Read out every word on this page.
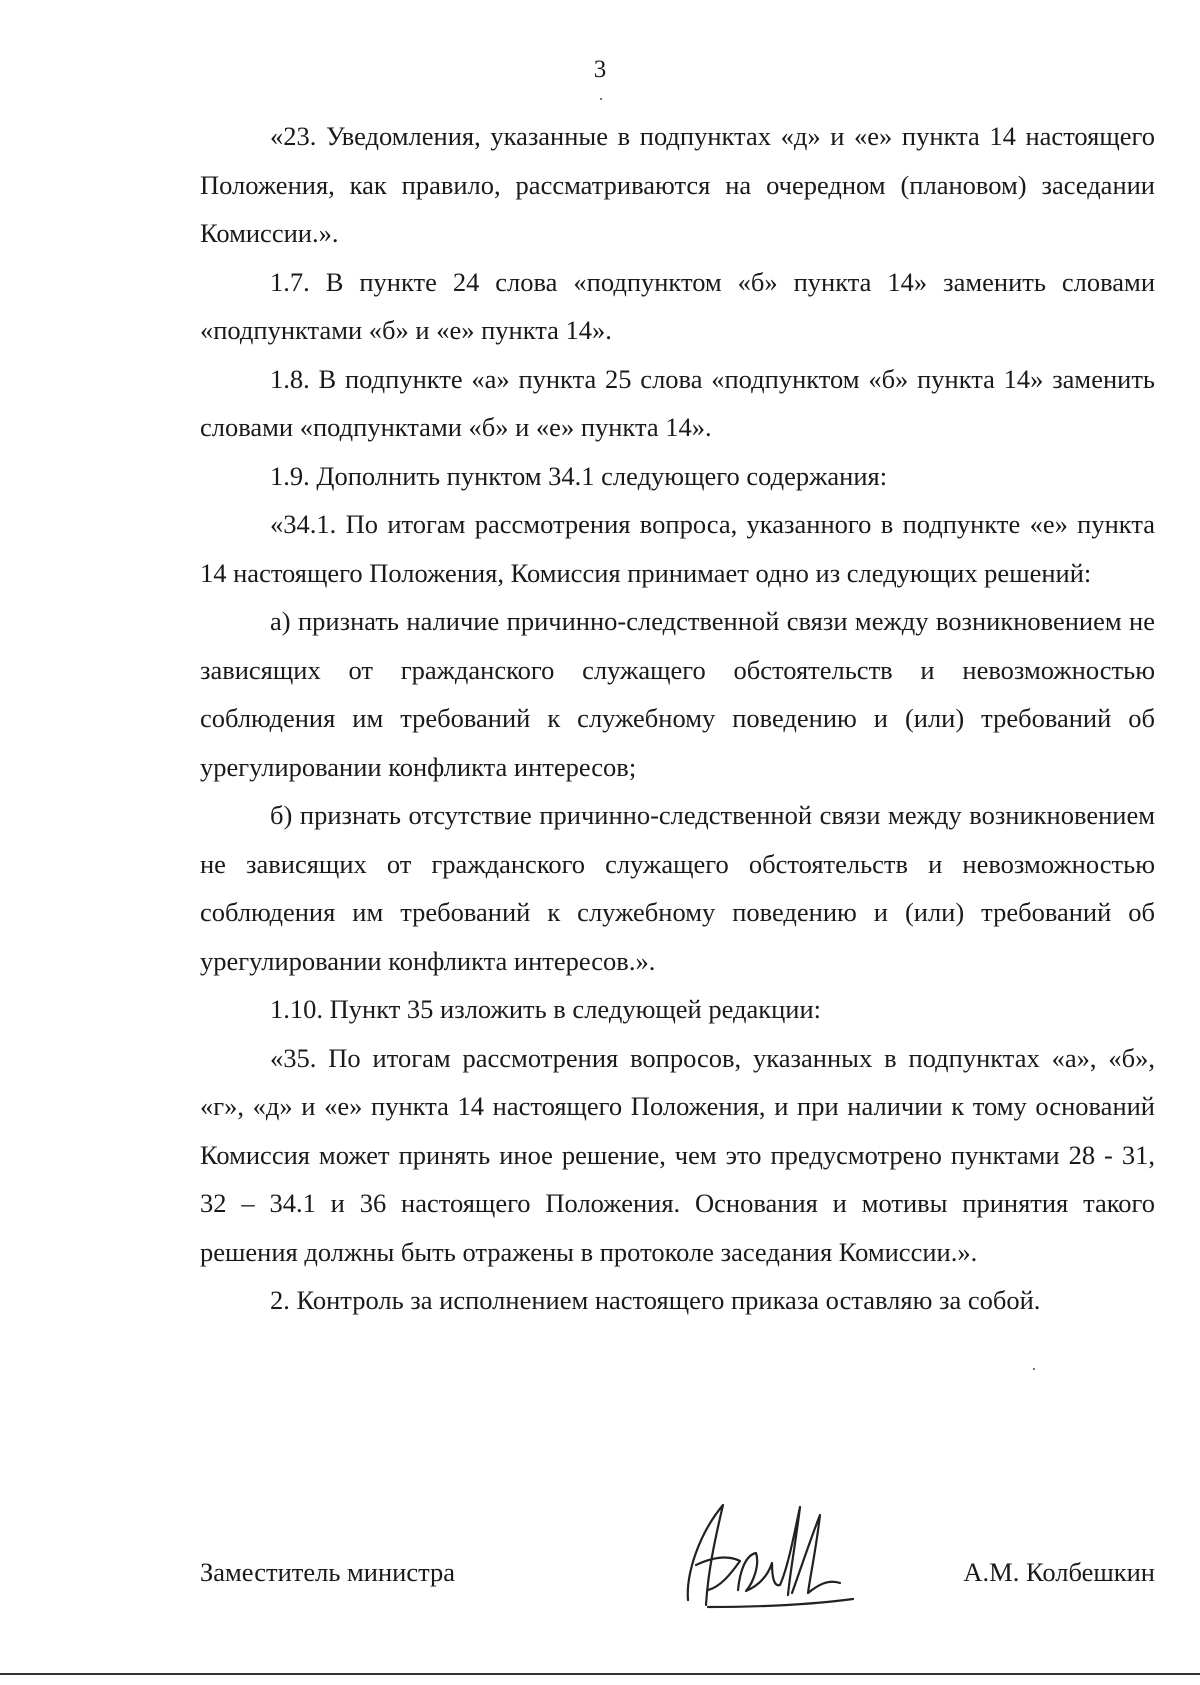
3

«23. Уведомления, указанные в подпунктах «д» и «е» пункта 14 настоящего Положения, как правило, рассматриваются на очередном (плановом) заседании Комиссии.».

1.7. В пункте 24 слова «подпунктом «б» пункта 14» заменить словами «подпунктами «б» и «е» пункта 14».

1.8. В подпункте «а» пункта 25 слова «подпунктом «б» пункта 14» заменить словами «подпунктами «б» и «е» пункта 14».

1.9. Дополнить пунктом 34.1 следующего содержания:

«34.1. По итогам рассмотрения вопроса, указанного в подпункте «е» пункта 14 настоящего Положения, Комиссия принимает одно из следующих решений:

а) признать наличие причинно-следственной связи между возникновением не зависящих от гражданского служащего обстоятельств и невозможностью соблюдения им требований к служебному поведению и (или) требований об урегулировании конфликта интересов;

б) признать отсутствие причинно-следственной связи между возникновением не зависящих от гражданского служащего обстоятельств и невозможностью соблюдения им требований к служебному поведению и (или) требований об урегулировании конфликта интересов.».

1.10. Пункт 35 изложить в следующей редакции:

«35. По итогам рассмотрения вопросов, указанных в подпунктах «а», «б», «г», «д» и «е» пункта 14 настоящего Положения, и при наличии к тому оснований Комиссия может принять иное решение, чем это предусмотрено пунктами 28 - 31, 32 – 34.1 и 36 настоящего Положения. Основания и мотивы принятия такого решения должны быть отражены в протоколе заседания Комиссии.».

2. Контроль за исполнением настоящего приказа оставляю за собой.

Заместитель министра	А.М. Колбешкин
